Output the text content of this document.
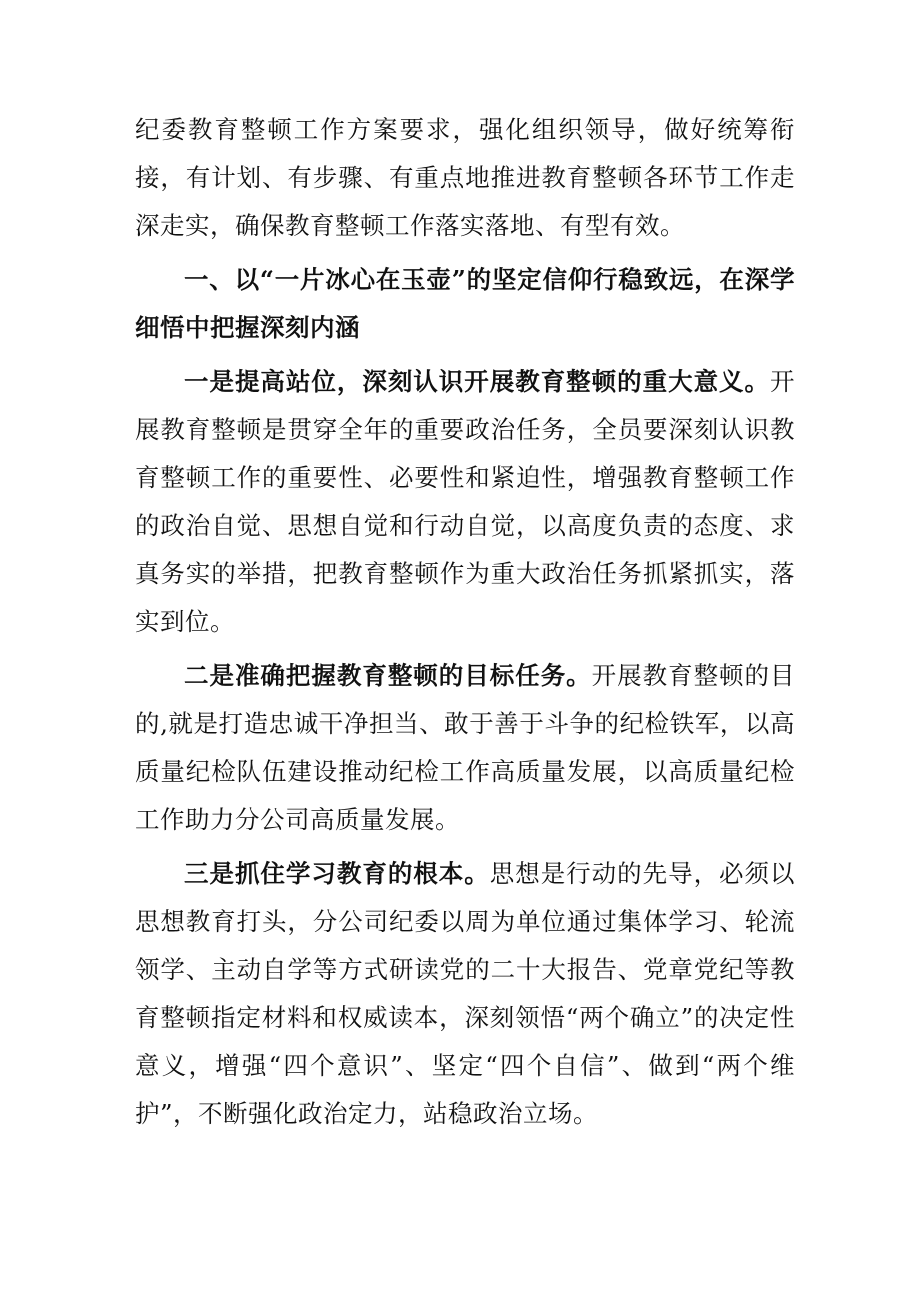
纪委教育整顿工作方案要求，强化组织领导，做好统筹衔接，有计划、有步骤、有重点地推进教育整顿各环节工作走深走实，确保教育整顿工作落实落地、有型有效。

一、以“一片冰心在玉壶”的坚定信仰行稳致远，在深学细悟中把握深刻内涵

一是提高站位，深刻认识开展教育整顿的重大意义。开展教育整顿是贯穿全年的重要政治任务，全员要深刻认识教育整顿工作的重要性、必要性和紧迫性，增强教育整顿工作的政治自觉、思想自觉和行动自觉，以高度负责的态度、求真务实的举措，把教育整顿作为重大政治任务抓紧抓实，落实到位。

二是准确把握教育整顿的目标任务。开展教育整顿的目的,就是打造忠诚干净担当、敢于善于斗争的纪检铁军，以高质量纪检队伍建设推动纪检工作高质量发展，以高质量纪检工作助力分公司高质量发展。

三是抓住学习教育的根本。思想是行动的先导，必须以思想教育打头，分公司纪委以周为单位通过集体学习、轮流领学、主动自学等方式研读党的二十大报告、党章党纪等教育整顿指定材料和权威读本，深刻领悟“两个确立”的决定性意义，增强“四个意识”、坚定“四个自信”、做到“两个维护”，不断强化政治定力，站稳政治立场。
